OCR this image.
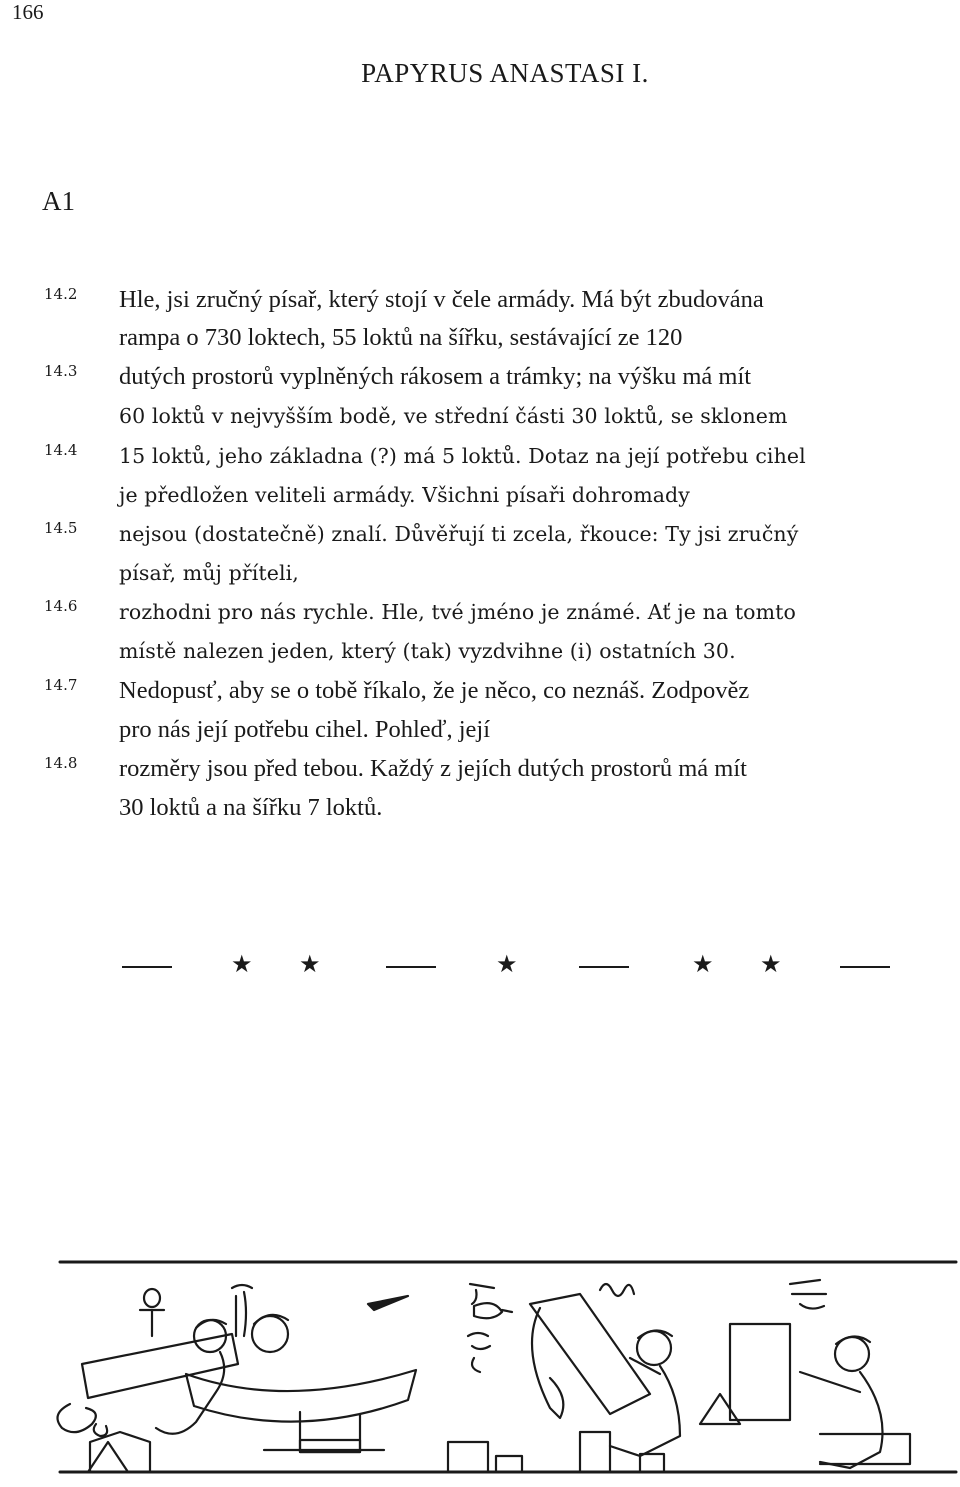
166
PAPYRUS ANASTASI I.
A1
14.2 Hle, jsi zručný písař, který stojí v čele armády. Má být zbudována
rampa o 730 loktech, 55 loktů na šířku, sestávající ze 120
14.3 dutých prostorů vyplněných rákosem a trámky; na výšku má mít
60 loktů v nejvyšším bodě, ve střední části 30 loktů, se sklonem
14.4 15 loktů, jeho základna (?) má 5 loktů. Dotaz na její potřebu cihel
je předložen veliteli armády. Všichni písaři dohromady
14.5 nejsou (dostatečně) znalí. Důvěřují ti zcela, řkouce: Ty jsi zručný
písař, můj příteli,
14.6 rozhodni pro nás rychle. Hle, tvé jméno je známé. Ať je na tomto
místě nalezen jeden, který (tak) vyzdvihne (i) ostatních 30.
14.7 Nedopusť, aby se o tobě říkalo, že je něco, co neznáš. Zodpověz
pro nás její potřebu cihel. Pohleď, její
14.8 rozměry jsou před tebou. Každý z jejích dutých prostorů má mít
30 loktů a na šířku 7 loktů.
★ ★	★	★ ★
